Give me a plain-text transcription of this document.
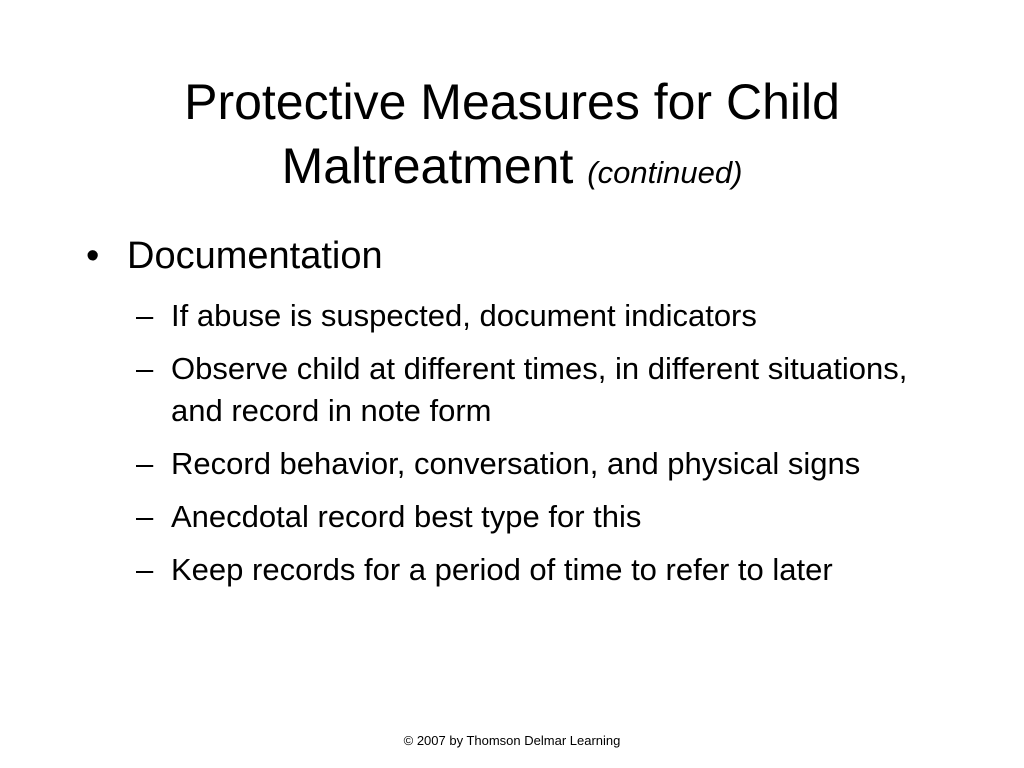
Protective Measures for Child
Maltreatment (continued)
• Documentation
– If abuse is suspected, document indicators
– Observe child at different times, in different situations, and record in note form
– Record behavior, conversation, and physical signs
– Anecdotal record best type for this
– Keep records for a period of time to refer to later
© 2007 by Thomson Delmar Learning
